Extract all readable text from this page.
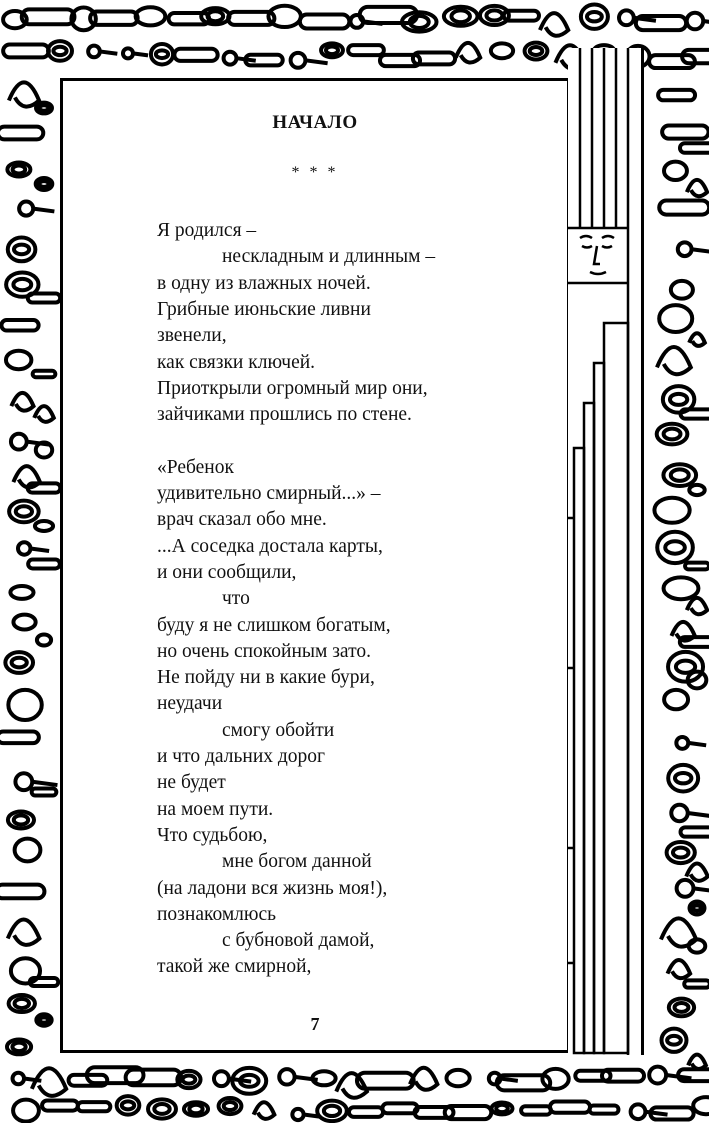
НАЧАЛО
* * *
Я родился –
нескладным и длинным –
в одну из влажных ночей.
Грибные июньские ливни
звенели,
как связки ключей.
Приоткрыли огромный мир они,
зайчиками прошлись по стене.
«Ребенок
удивительно смирный...» –
врач сказал обо мне.
...А соседка достала карты,
и они сообщили,
что
буду я не слишком богатым,
но очень спокойным зато.
Не пойду ни в какие бури,
неудачи
смогу обойти
и что дальних дорог
не будет
на моем пути.
Что судьбою,
мне богом данной
(на ладони вся жизнь моя!),
познакомлюсь
с бубновой дамой,
такой же смирной,
7
